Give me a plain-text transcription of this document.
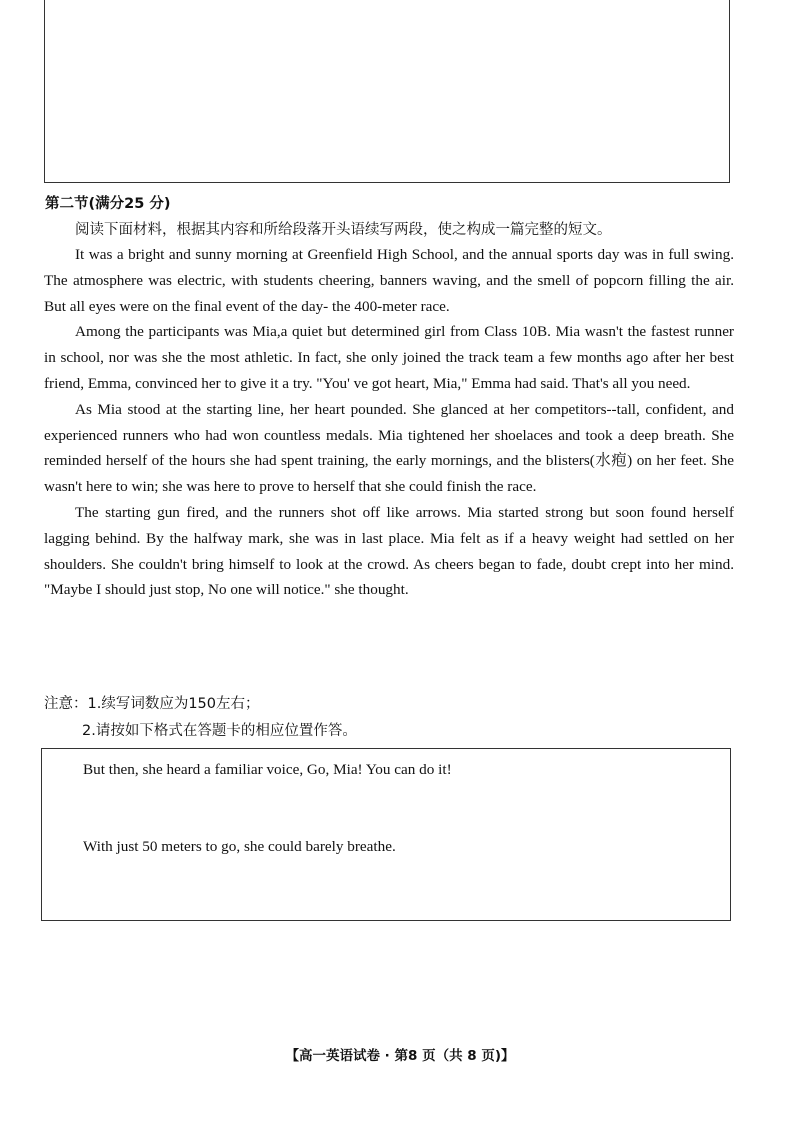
第二节(满分25 分)
阅读下面材料，根据其内容和所给段落开头语续写两段，使之构成一篇完整的短文。

It was a bright and sunny morning at Greenfield High School, and the annual sports day was in full swing. The atmosphere was electric, with students cheering, banners waving, and the smell of popcorn filling the air. But all eyes were on the final event of the day- the 400-meter race.

Among the participants was Mia,a quiet but determined girl from Class 10B. Mia wasn't the fastest runner in school, nor was she the most athletic. In fact, she only joined the track team a few months ago after her best friend, Emma, convinced her to give it a try. "You' ve got heart, Mia," Emma had said. That's all you need.

As Mia stood at the starting line, her heart pounded. She glanced at her competitors--tall, confident, and experienced runners who had won countless medals. Mia tightened her shoelaces and took a deep breath. She reminded herself of the hours she had spent training, the early mornings, and the blisters(水疱) on her feet. She wasn't here to win; she was here to prove to herself that she could finish the race.

The starting gun fired, and the runners shot off like arrows. Mia started strong but soon found herself lagging behind. By the halfway mark, she was in last place. Mia felt as if a heavy weight had settled on her shoulders. She couldn't bring himself to look at the crowd. As cheers began to fade, doubt crept into her mind. "Maybe I should just stop, No one will notice." she thought.

注意：1.续写词数应为150左右；
2.请按如下格式在答题卡的相应位置作答。
But then, she heard a familiar voice, Go, Mia! You can do it!
With just 50 meters to go, she could barely breathe.
【高一英语试卷 · 第8 页（共 8 页)】
